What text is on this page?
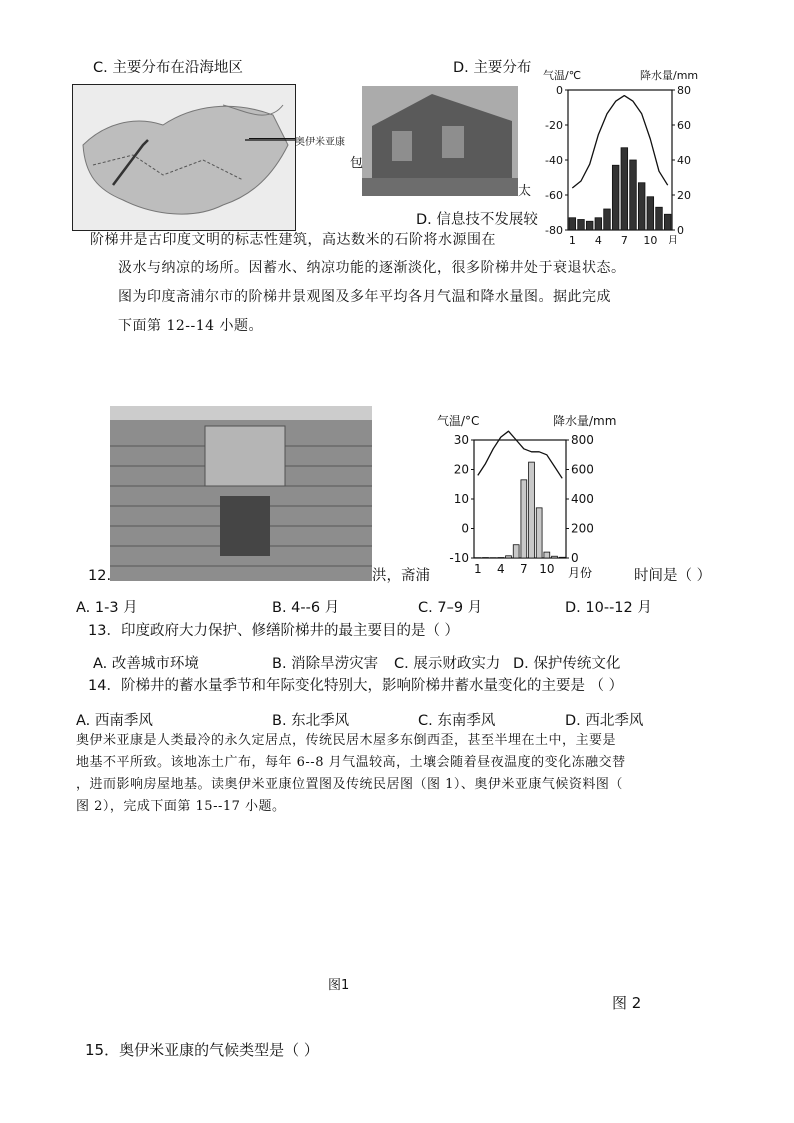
C. 主要分布在沿海地区	D. 主要分布
奥伊米亚康
包
太
气温/℃	降水量/mm
0
-20
-40
-60
-80
80
60
40
20
0
1 4 7 10 月
D. 信息技不发展较
阶梯井是古印度文明的标志性建筑，高达数米的石阶将水源围在
汲水与纳凉的场所。因蓄水、纳凉功能的逐渐淡化，很多阶梯井处于衰退状态。
图为印度斋浦尔市的阶梯井景观图及多年平均各月气温和降水量图。据此完成
下面第 12--14 小题。
气温/°C	降水量/mm
30
20
10
0
-10
800
600
400
200
0
1 4 7 10 月份
12.	洪，斋浦	时间是（ ）
A. 1-3 月	B. 4--6 月	C. 7–9 月	D. 10--12 月
13．印度政府大力保护、修缮阶梯井的最主要目的是（ ）
A. 改善城市环境	B. 消除旱涝灾害 C. 展示财政实力 D. 保护传统文化
14．阶梯井的蓄水量季节和年际变化特别大，影响阶梯井蓄水量变化的主要是 （ ）
A. 西南季风	B. 东北季风	C. 东南季风	D. 西北季风
奥伊米亚康是人类最冷的永久定居点，传统民居木屋多东倒西歪，甚至半埋在土中，主要是
地基不平所致。该地冻土广布，每年 6--8 月气温较高，土壤会随着昼夜温度的变化冻融交替
，进而影响房屋地基。读奥伊米亚康位置图及传统民居图（图 1）、奥伊米亚康气候资料图（
图 2），完成下面第 15--17 小题。
图1
图 2
15．奥伊米亚康的气候类型是（ ）
